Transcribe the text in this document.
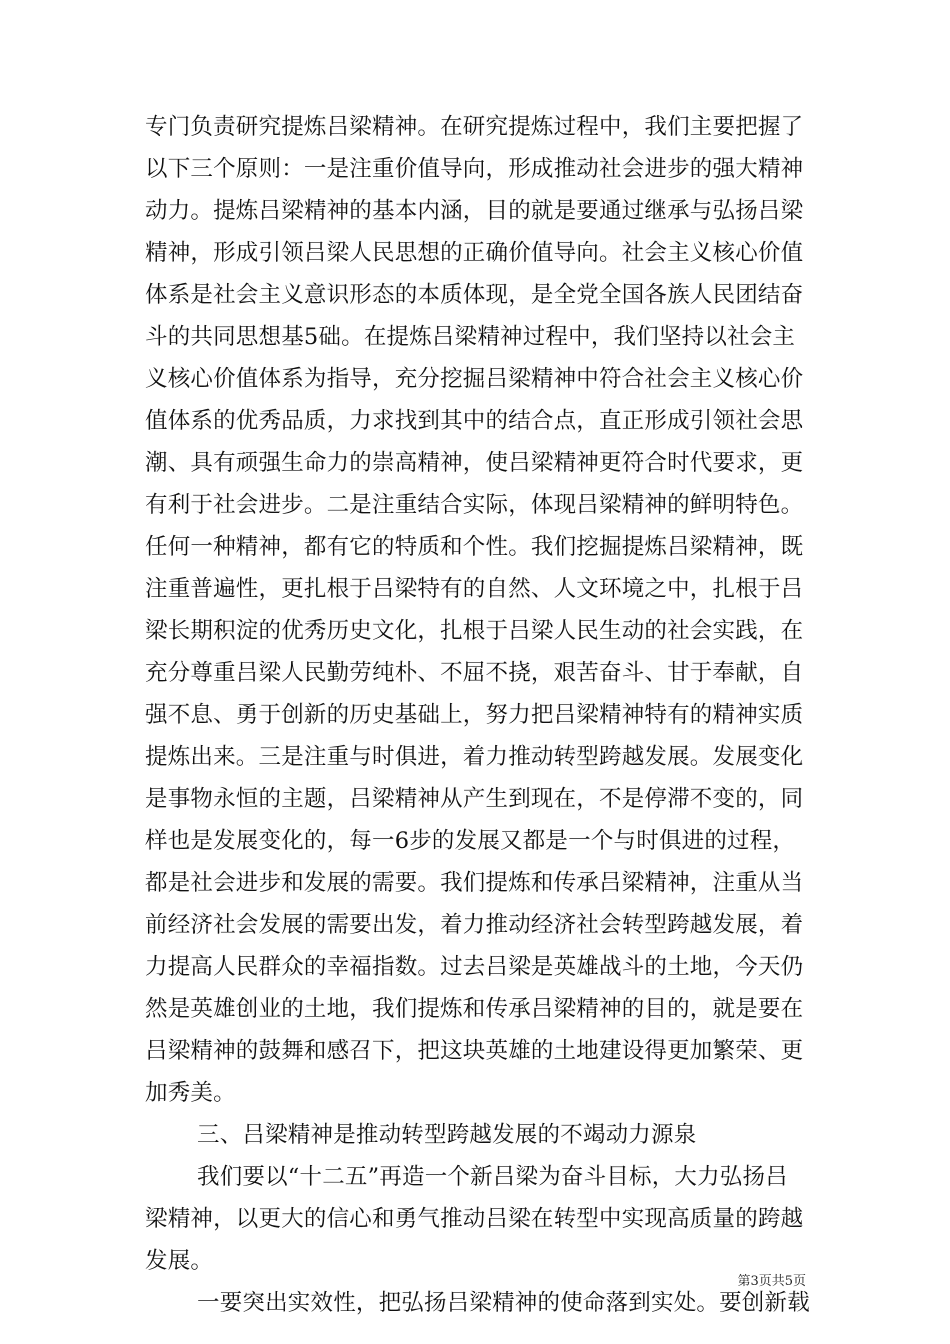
专门负责研究提炼吕梁精神。在研究提炼过程中，我们主要把握了
以下三个原则：一是注重价值导向，形成推动社会进步的强大精神
动力。提炼吕梁精神的基本内涵，目的就是要通过继承与弘扬吕梁
精神，形成引领吕梁人民思想的正确价值导向。社会主义核心价值
体系是社会主义意识形态的本质体现，是全党全国各族人民团结奋
斗的共同思想基5础。在提炼吕梁精神过程中，我们坚持以社会主
义核心价值体系为指导，充分挖掘吕梁精神中符合社会主义核心价
值体系的优秀品质，力求找到其中的结合点，直正形成引领社会思
潮、具有顽强生命力的崇高精神，使吕梁精神更符合时代要求，更
有利于社会进步。二是注重结合实际，体现吕梁精神的鲜明特色。
任何一种精神，都有它的特质和个性。我们挖掘提炼吕梁精神，既
注重普遍性，更扎根于吕梁特有的自然、人文环境之中，扎根于吕
梁长期积淀的优秀历史文化，扎根于吕梁人民生动的社会实践，在
充分尊重吕梁人民勤劳纯朴、不屈不挠，艰苦奋斗、甘于奉献，自
强不息、勇于创新的历史基础上，努力把吕梁精神特有的精神实质
提炼出来。三是注重与时俱进，着力推动转型跨越发展。发展变化
是事物永恒的主题，吕梁精神从产生到现在，不是停滞不变的，同
样也是发展变化的，每一6步的发展又都是一个与时俱进的过程，
都是社会进步和发展的需要。我们提炼和传承吕梁精神，注重从当
前经济社会发展的需要出发，着力推动经济社会转型跨越发展，着
力提高人民群众的幸福指数。过去吕梁是英雄战斗的土地，今天仍
然是英雄创业的土地，我们提炼和传承吕梁精神的目的，就是要在
吕梁精神的鼓舞和感召下，把这块英雄的土地建设得更加繁荣、更
加秀美。
三、吕梁精神是推动转型跨越发展的不竭动力源泉
我们要以“十二五”再造一个新吕梁为奋斗目标，大力弘扬吕
梁精神，以更大的信心和勇气推动吕梁在转型中实现高质量的跨越
发展。
一要突出实效性，把弘扬吕梁精神的使命落到实处。要创新载
第3页共5页
